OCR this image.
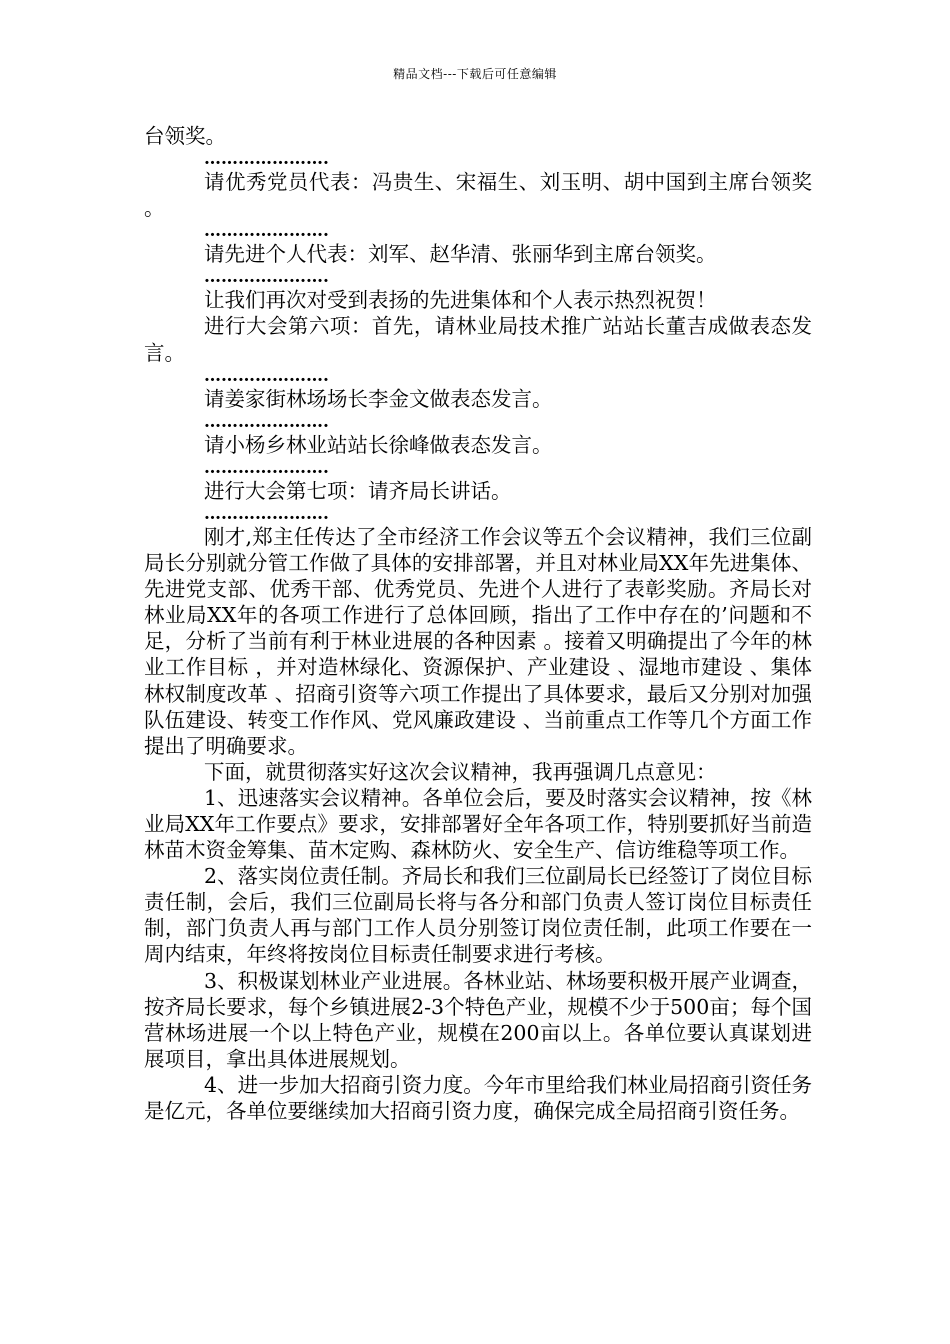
精品文档---下载后可任意编辑

台领奖。

………………….

请优秀党员代表：冯贵生、宋福生、刘玉明、胡中国到主席台领奖。

………………….

请先进个人代表：刘军、赵华清、张丽华到主席台领奖。

………………….

让我们再次对受到表扬的先进集体和个人表示热烈祝贺！

进行大会第六项：首先，请林业局技术推广站站长董吉成做表态发言。

………………….

请姜家街林场场长李金文做表态发言。

………………….

请小杨乡林业站站长徐峰做表态发言。

………………….

进行大会第七项：请齐局长讲话。

………………….

刚才,郑主任传达了全市经济工作会议等五个会议精神，我们三位副局长分别就分管工作做了具体的安排部署，并且对林业局XX年先进集体、先进党支部、优秀干部、优秀党员、先进个人进行了表彰奖励。齐局长对林业局XX年的各项工作进行了总体回顾，指出了工作中存在的’问题和不足，分析了当前有利于林业进展的各种因素 。接着又明确提出了今年的林业工作目标 ，并对造林绿化、资源保护、产业建设 、湿地市建设 、集体林权制度改革 、招商引资等六项工作提出了具体要求，最后又分别对加强队伍建设、转变工作作风、党风廉政建设 、当前重点工作等几个方面工作提出了明确要求。

下面，就贯彻落实好这次会议精神，我再强调几点意见：

1、迅速落实会议精神。各单位会后，要及时落实会议精神，按《林业局XX年工作要点》要求，安排部署好全年各项工作，特别要抓好当前造林苗木资金筹集、苗木定购、森林防火、安全生产、信访维稳等项工作。

2、落实岗位责任制。齐局长和我们三位副局长已经签订了岗位目标责任制，会后，我们三位副局长将与各分和部门负责人签订岗位目标责任制，部门负责人再与部门工作人员分别签订岗位责任制，此项工作要在一周内结束，年终将按岗位目标责任制要求进行考核。

3、积极谋划林业产业进展。各林业站、林场要积极开展产业调查，按齐局长要求，每个乡镇进展2-3个特色产业，规模不少于500亩；每个国营林场进展一个以上特色产业，规模在200亩以上。各单位要认真谋划进展项目，拿出具体进展规划。

4、进一步加大招商引资力度。今年市里给我们林业局招商引资任务是亿元，各单位要继续加大招商引资力度，确保完成全局招商引资任务。
